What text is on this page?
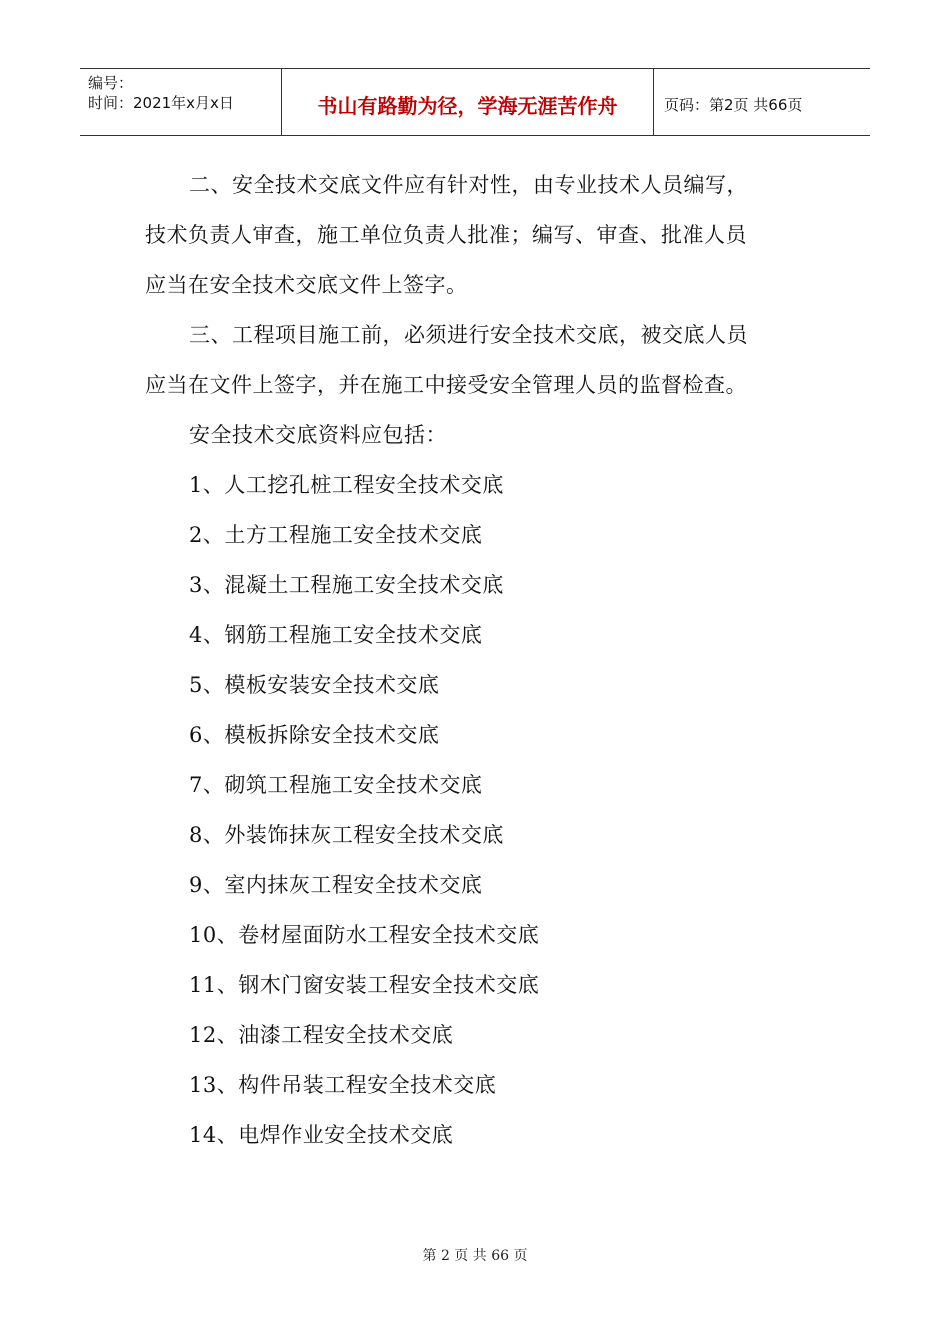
编号：
时间：2021年x月x日	书山有路勤为径，学海无涯苦作舟	页码：第2页 共66页

二、安全技术交底文件应有针对性，由专业技术人员编写，技术负责人审查，施工单位负责人批准；编写、审查、批准人员应当在安全技术交底文件上签字。

三、工程项目施工前，必须进行安全技术交底，被交底人员应当在文件上签字，并在施工中接受安全管理人员的监督检查。

安全技术交底资料应包括：

1、人工挖孔桩工程安全技术交底
2、土方工程施工安全技术交底
3、混凝土工程施工安全技术交底
4、钢筋工程施工安全技术交底
5、模板安装安全技术交底
6、模板拆除安全技术交底
7、砌筑工程施工安全技术交底
8、外装饰抹灰工程安全技术交底
9、室内抹灰工程安全技术交底
10、卷材屋面防水工程安全技术交底
11、钢木门窗安装工程安全技术交底
12、油漆工程安全技术交底
13、构件吊装工程安全技术交底
14、电焊作业安全技术交底
第 2 页 共 66 页
